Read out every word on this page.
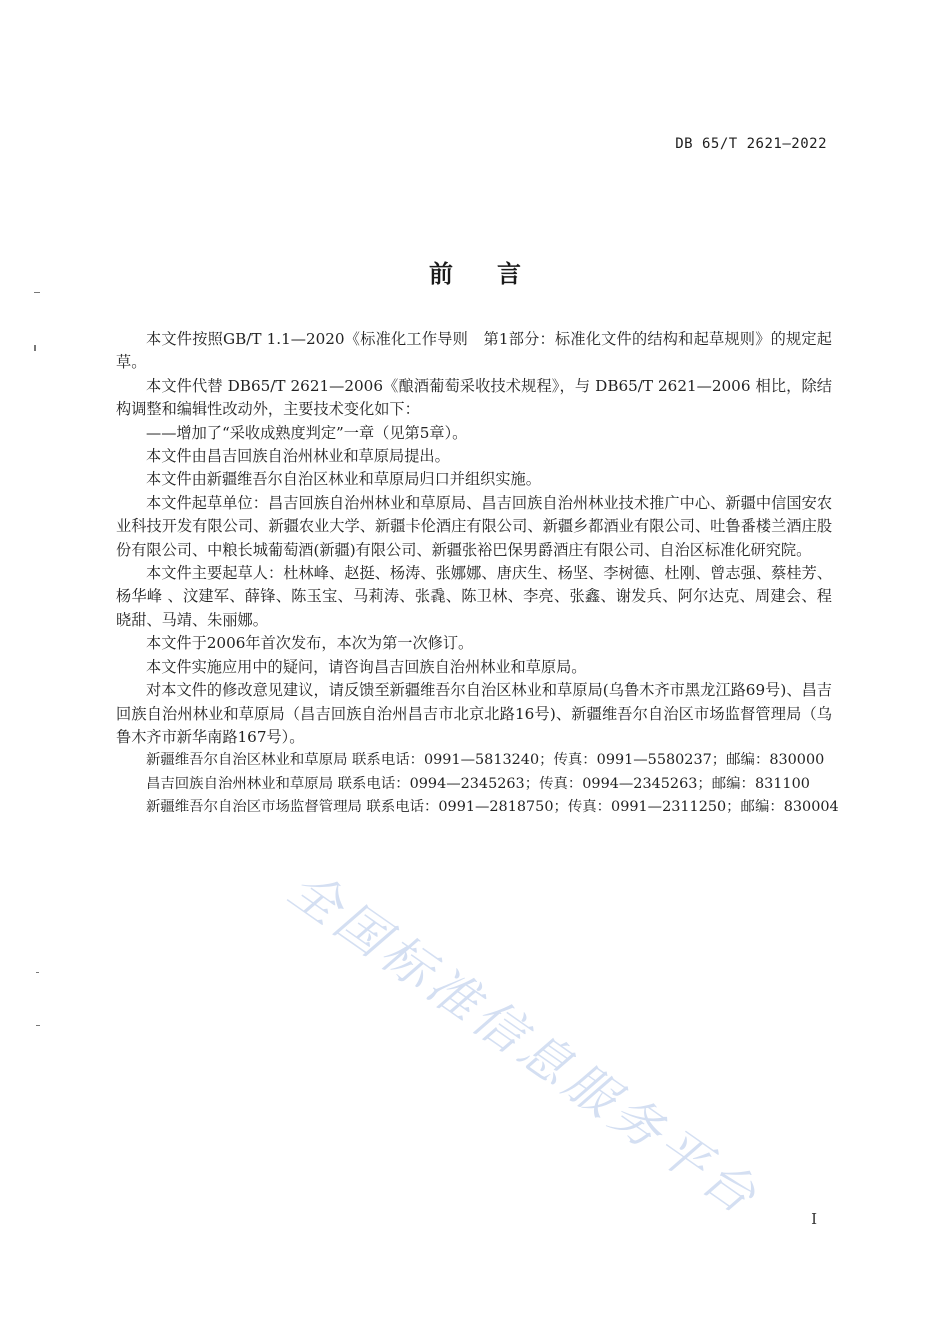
DB 65/T 2621—2022
前言

本文件按照GB/T 1.1—2020《标准化工作导则　第1部分：标准化文件的结构和起草规则》的规定起草。

本文件代替 DB65/T 2621—2006《酿酒葡萄采收技术规程》，与 DB65/T 2621—2006 相比，除结构调整和编辑性改动外，主要技术变化如下：

——增加了“采收成熟度判定”一章（见第5章）。

本文件由昌吉回族自治州林业和草原局提出。

本文件由新疆维吾尔自治区林业和草原局归口并组织实施。

本文件起草单位：昌吉回族自治州林业和草原局、昌吉回族自治州林业技术推广中心、新疆中信国安农业科技开发有限公司、新疆农业大学、新疆卡伦酒庄有限公司、新疆乡都酒业有限公司、吐鲁番楼兰酒庄股份有限公司、中粮长城葡萄酒(新疆)有限公司、新疆张裕巴保男爵酒庄有限公司、自治区标准化研究院。

本文件主要起草人：杜林峰、赵挺、杨涛、张娜娜、唐庆生、杨坚、李树德、杜刚、曾志强、蔡桂芳、杨华峰 、汶建军、薛锋、陈玉宝、马莉涛、张毳、陈卫林、李亮、张鑫、谢发兵、阿尔达克、周建会、程晓甜、马靖、朱丽娜。

本文件于2006年首次发布，本次为第一次修订。

本文件实施应用中的疑问，请咨询昌吉回族自治州林业和草原局。

对本文件的修改意见建议，请反馈至新疆维吾尔自治区林业和草原局(乌鲁木齐市黑龙江路69号)、昌吉回族自治州林业和草原局（昌吉回族自治州昌吉市北京北路16号)、新疆维吾尔自治区市场监督管理局（乌鲁木齐市新华南路167号）。

新疆维吾尔自治区林业和草原局 联系电话：0991—5813240；传真：0991—5580237；邮编：830000

昌吉回族自治州林业和草原局 联系电话：0994—2345263；传真：0994—2345263；邮编：831100

新疆维吾尔自治区市场监督管理局 联系电话：0991—2818750；传真：0991—2311250；邮编：830004

全国标准信息服务平台	I
